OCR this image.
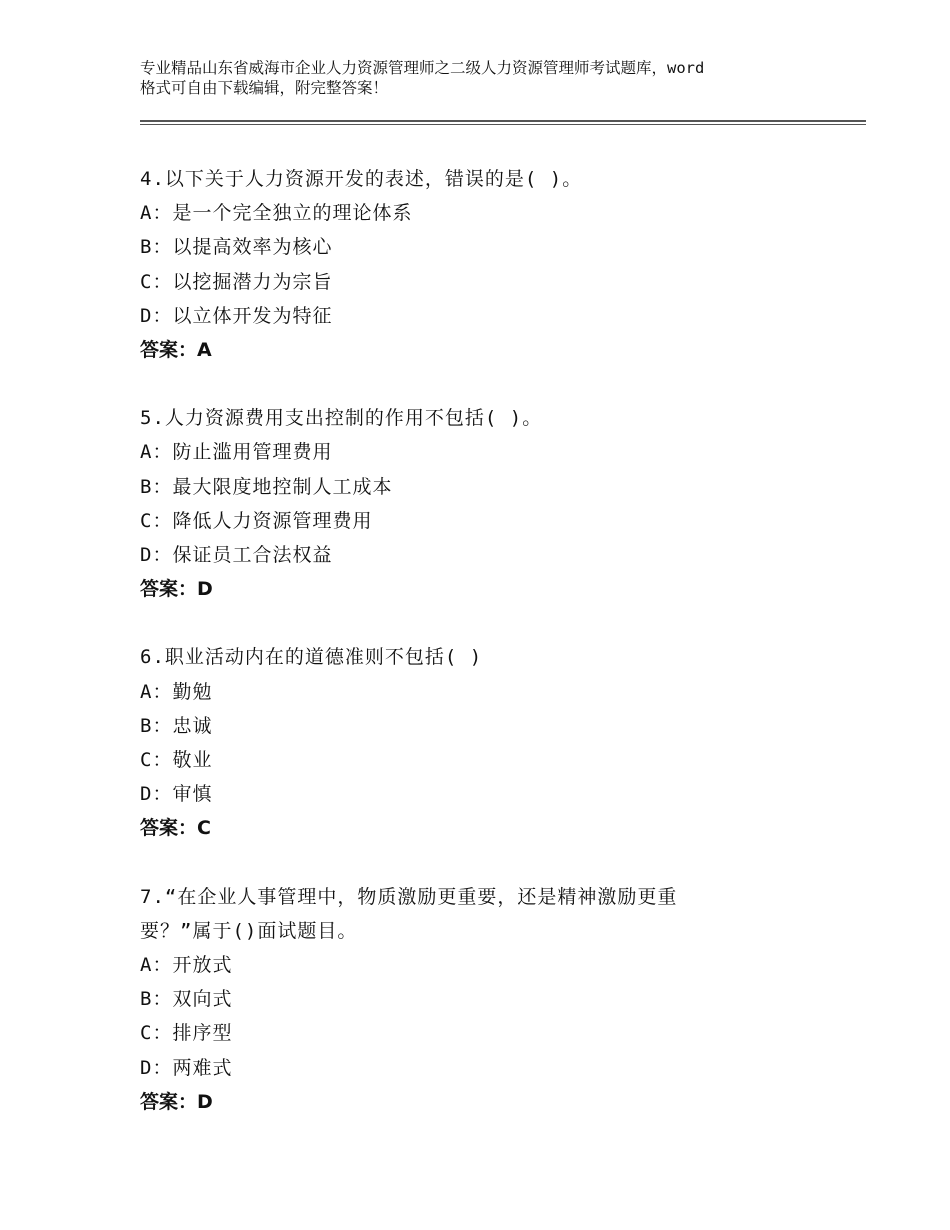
专业精品山东省威海市企业人力资源管理师之二级人力资源管理师考试题库，word
格式可自由下载编辑，附完整答案！
4.以下关于人力资源开发的表述，错误的是( )。
A：是一个完全独立的理论体系
B：以提高效率为核心
C：以挖掘潜力为宗旨
D：以立体开发为特征
答案：A
5.人力资源费用支出控制的作用不包括( )。
A：防止滥用管理费用
B：最大限度地控制人工成本
C：降低人力资源管理费用
D：保证员工合法权益
答案：D
6.职业活动内在的道德准则不包括( )
A：勤勉
B：忠诚
C：敬业
D：审慎
答案：C
7.“在企业人事管理中，物质激励更重要，还是精神激励更重
要？”属于()面试题目。
A：开放式
B：双向式
C：排序型
D：两难式
答案：D
